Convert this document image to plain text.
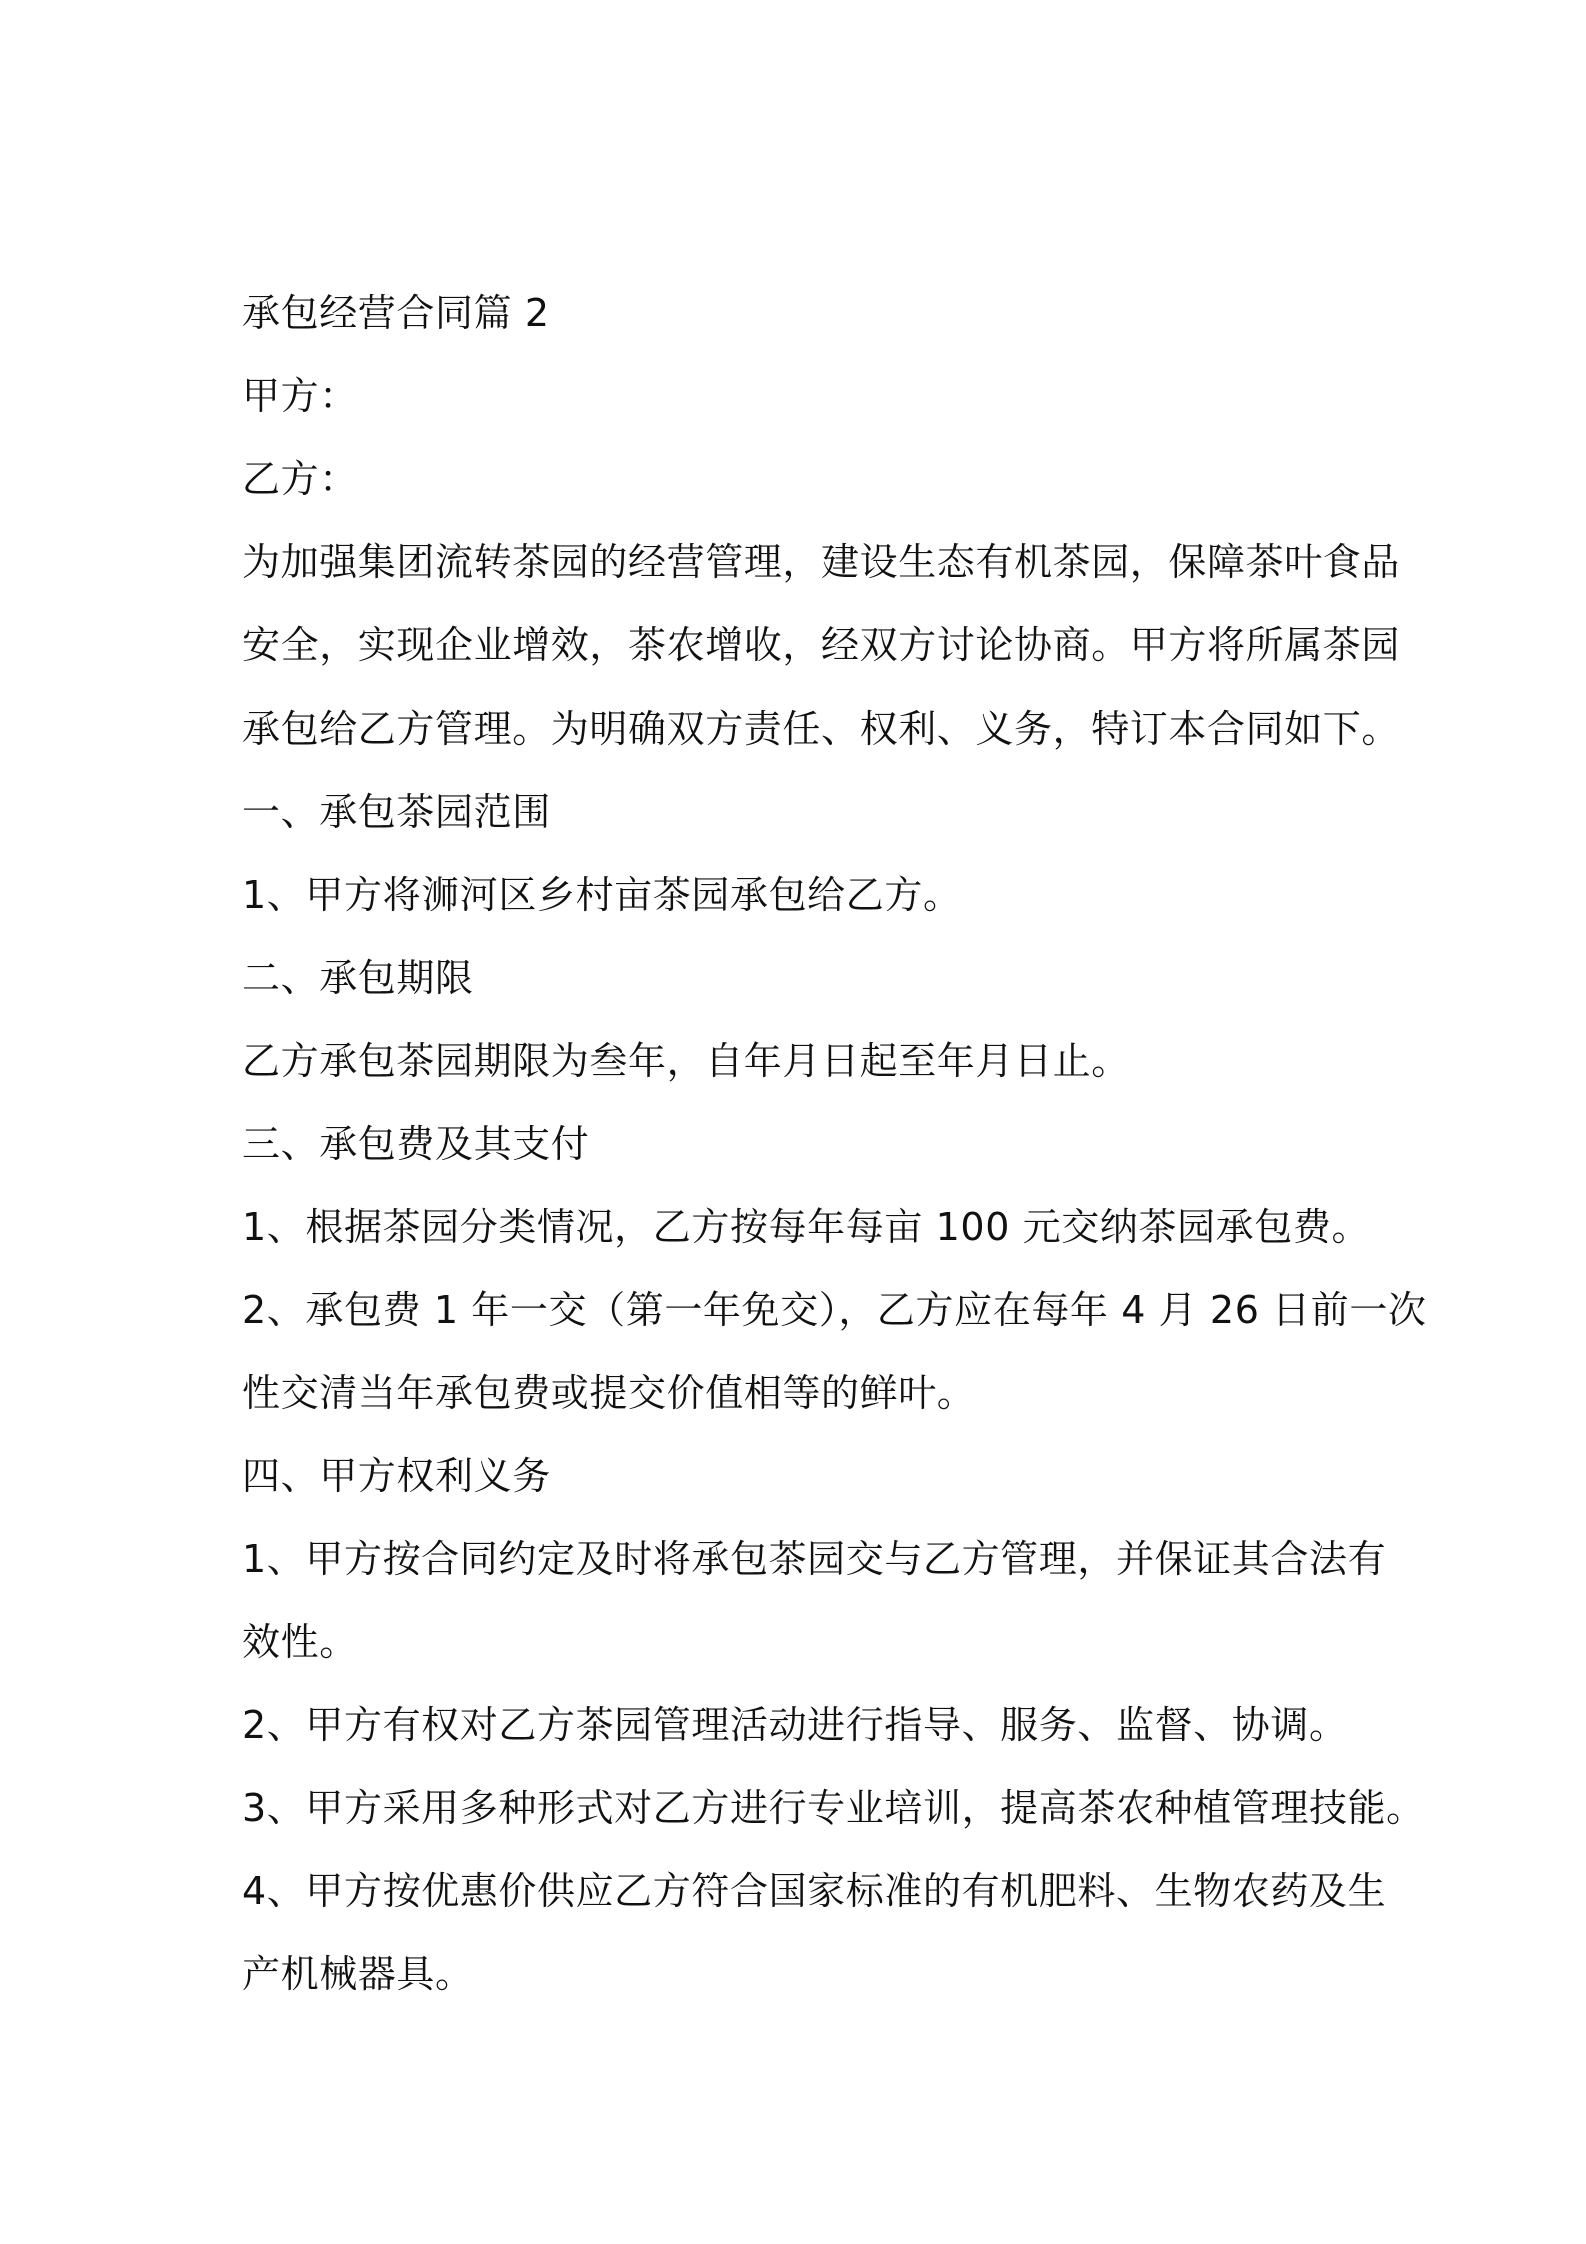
承包经营合同篇 2

甲方：

乙方：

为加强集团流转茶园的经营管理，建设生态有机茶园，保障茶叶食品

安全，实现企业增效，茶农增收，经双方讨论协商。甲方将所属茶园

承包给乙方管理。为明确双方责任、权利、义务，特订本合同如下。

一、承包茶园范围

1、甲方将浉河区乡村亩茶园承包给乙方。

二、承包期限

乙方承包茶园期限为叁年，自年月日起至年月日止。

三、承包费及其支付

1、根据茶园分类情况，乙方按每年每亩 100 元交纳茶园承包费。

2、承包费 1 年一交（第一年免交），乙方应在每年 4 月 26 日前一次

性交清当年承包费或提交价值相等的鲜叶。

四、甲方权利义务

1、甲方按合同约定及时将承包茶园交与乙方管理，并保证其合法有

效性。

2、甲方有权对乙方茶园管理活动进行指导、服务、监督、协调。

3、甲方采用多种形式对乙方进行专业培训，提高茶农种植管理技能。

4、甲方按优惠价供应乙方符合国家标准的有机肥料、生物农药及生

产机械器具。
